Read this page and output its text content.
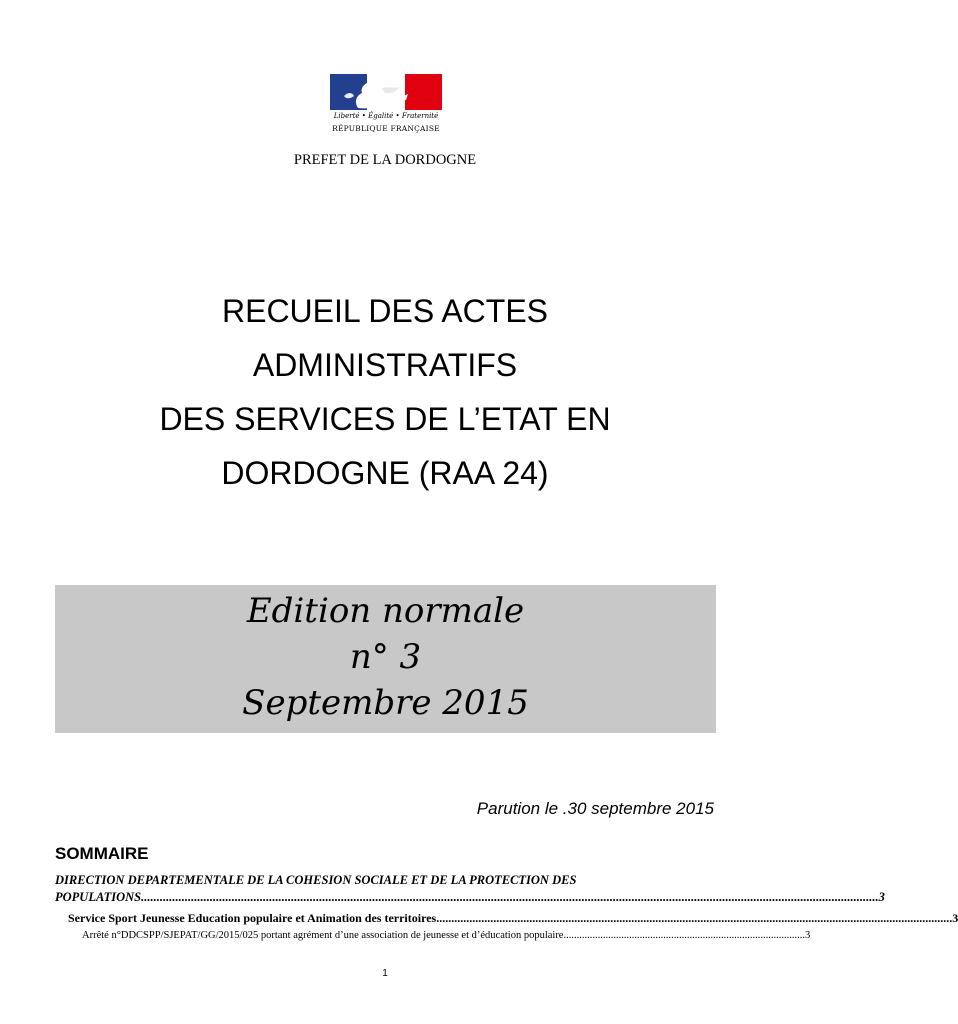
Liberté • Égalité • Fraternité
RÉPUBLIQUE FRANÇAISE
PREFET DE LA DORDOGNE
RECUEIL DES ACTES
ADMINISTRATIFS
DES SERVICES DE L’ETAT EN
DORDOGNE (RAA 24)
Edition normale
n° 3
Septembre 2015
Parution le .30 septembre 2015
SOMMAIRE
DIRECTION DEPARTEMENTALE DE LA COHESION SOCIALE ET DE LA PROTECTION DES
POPULATIONS ............................................................................................................................................................................................................................................ 3
Service Sport Jeunesse Education populaire et Animation des territoires ............................................................................................................................................................................ 3
Arrêté n°DDCSPP/SJEPAT/GG/2015/025 portant agrément d’une association de jeunesse et d’éducation populaire ............................................................................................ 3
1
